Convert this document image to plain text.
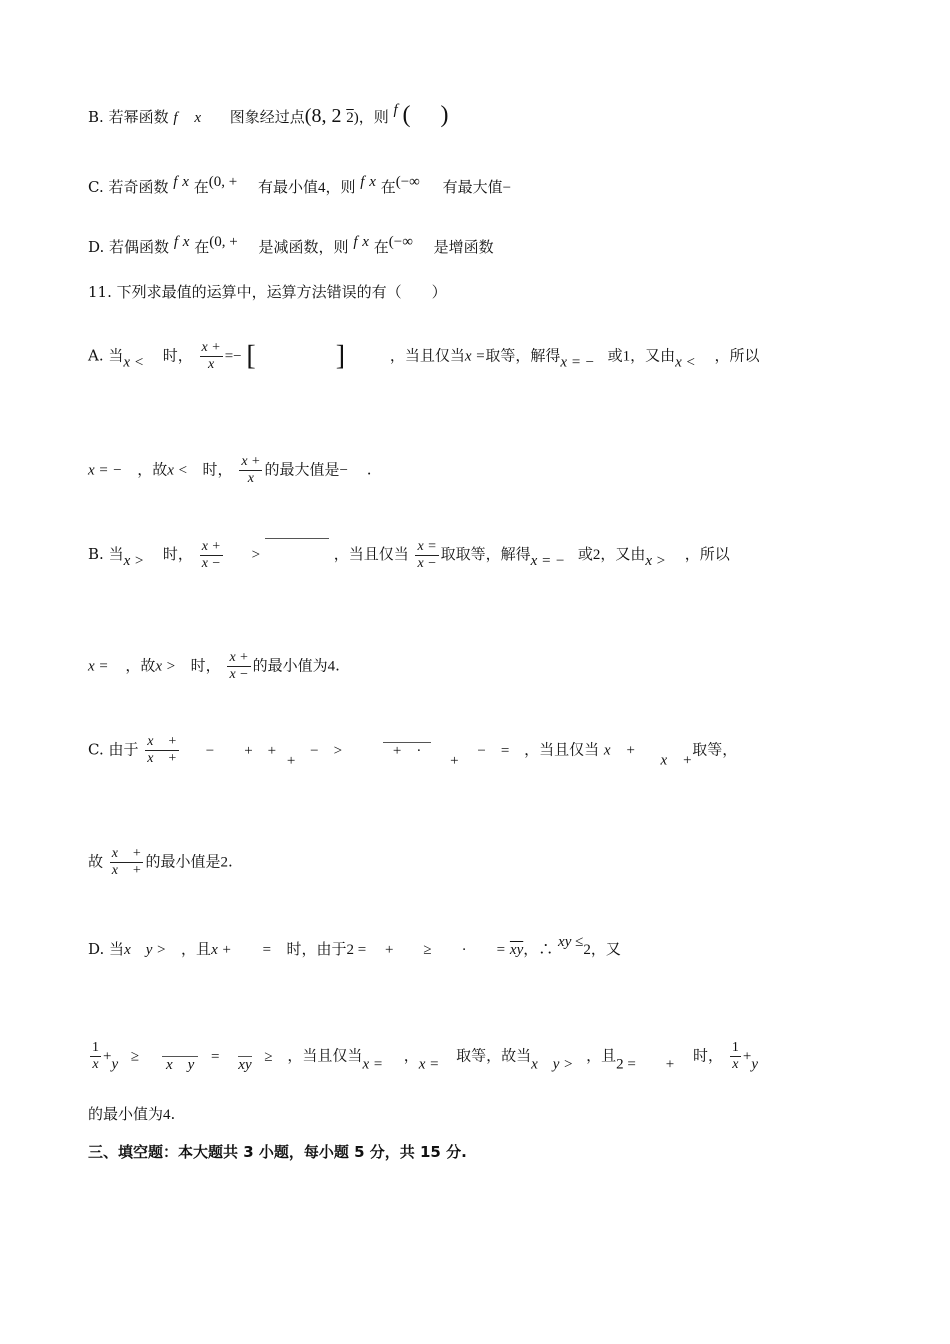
B. 若幂函数 f x 图象经过点(8, 2 2)，则 f ( )
C. 若奇函数 f x 在(0, + 有最小值4，则 f x 在(−∞ 有最大值−
D. 若偶函数 f x 在(0, + 是减函数，则 f x 在(−∞ 是增函数
11. 下列求最值的运算中，运算方法错误的有（　　）
A. 当x < 时， $\frac{x +}{x}$ =− [	]	，当且仅当x =取等，解得x = − 或1，又由x < ，所以
x = − ，故x < 时， $\frac{x +}{x}$ 的最大值是− .
B. 当x > 时， $\frac{x +}{x -}$ >	，当且仅当 $\frac{x =}{x -}$ 取取等，解得x = − 或2，又由x > ，所以
x = ，故x > 时， $\frac{x +}{x -}$ 的最小值为4.
C. 由于 $\frac{x +}{x +}$ −　　+　+ + −　>	+　· + −　= ，当且仅当 x　+ x　+取等，
故 $\frac{x +}{x +}$ 的最小值是2.
D. 当x　y > ，且x +　　= 时，由于2 =　 +　　≥　　·　　= $\overline{xy}$，∴ xy ≤2，又
$\frac{1}{x} +y \ge x$　y = xy ≥ ，当且仅当x = ，x = 取等，故当x　y > ，且2 =　　+ 时， $\frac{1}{x} +y$
的最小值为4.
三、填空题：本大题共 3 小题，每小题 5 分，共 15 分.
